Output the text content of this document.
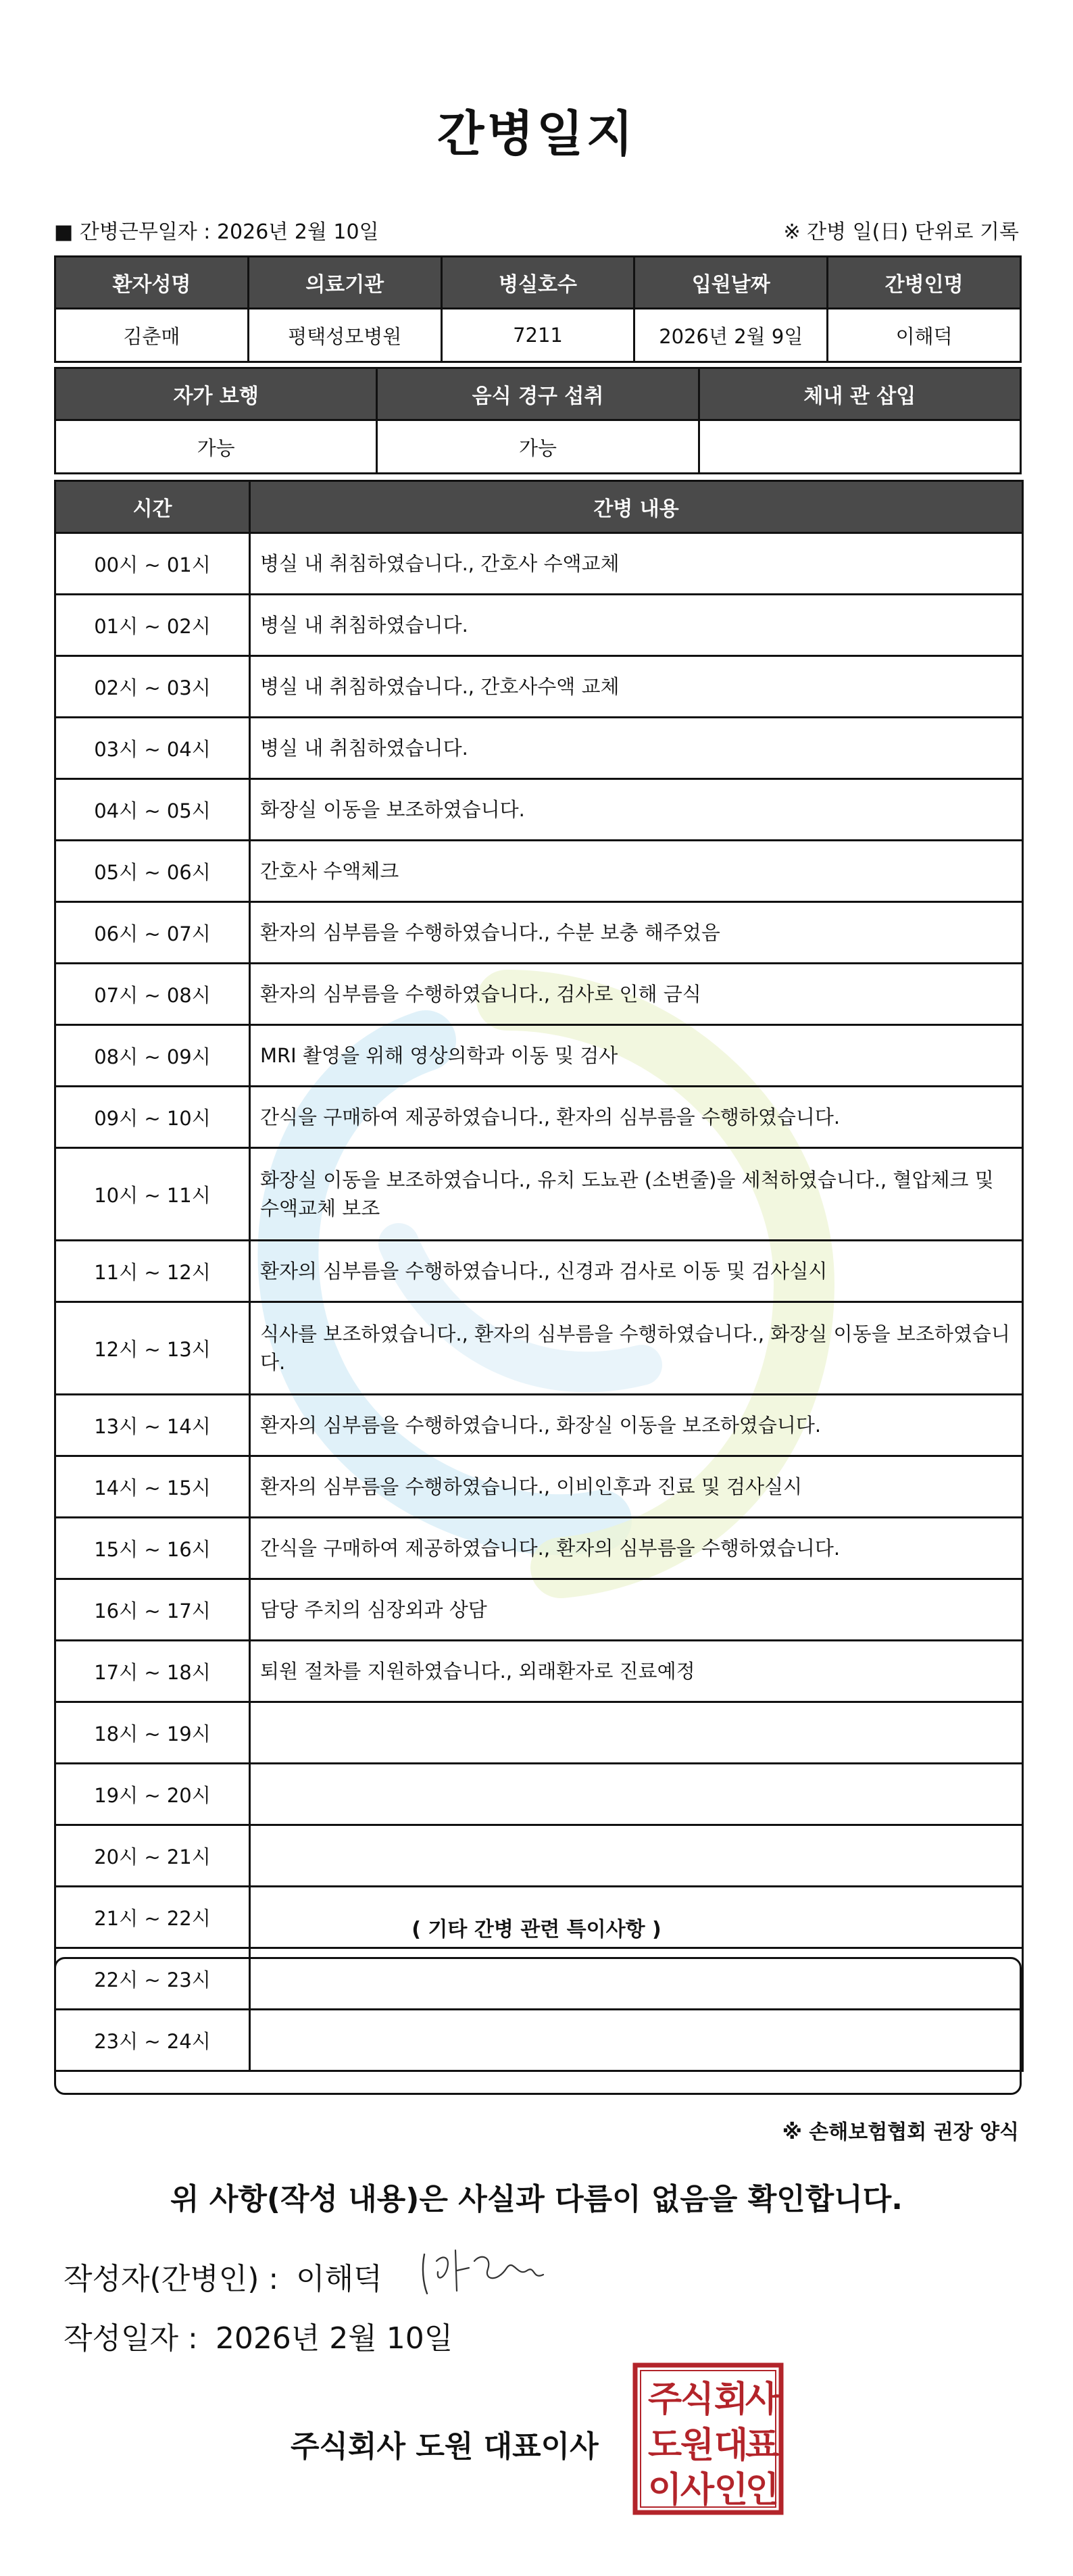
간병일지
■ 간병근무일자 : 2026년 2월 10일	※ 간병 일(日) 단위로 기록
환자성명	의료기관	병실호수	입원날짜	간병인명
김춘매	평택성모병원	7211	2026년 2월 9일	이해덕
자가 보행	음식 경구 섭취	체내 관 삽입
가능	가능	
시간	간병 내용
00시 ~ 01시	병실 내 취침하였습니다., 간호사 수액교체
01시 ~ 02시	병실 내 취침하였습니다.
02시 ~ 03시	병실 내 취침하였습니다., 간호사수액 교체
03시 ~ 04시	병실 내 취침하였습니다.
04시 ~ 05시	화장실 이동을 보조하였습니다.
05시 ~ 06시	간호사 수액체크
06시 ~ 07시	환자의 심부름을 수행하였습니다., 수분 보충 해주었음
07시 ~ 08시	환자의 심부름을 수행하였습니다., 검사로 인해 금식
08시 ~ 09시	MRI 촬영을 위해 영상의학과 이동 및 검사
09시 ~ 10시	간식을 구매하여 제공하였습니다., 환자의 심부름을 수행하였습니다.
10시 ~ 11시	화장실 이동을 보조하였습니다., 유치 도뇨관 (소변줄)을 세척하였습니다., 혈압체크 및 수액교체 보조
11시 ~ 12시	환자의 심부름을 수행하였습니다., 신경과 검사로 이동 및 검사실시
12시 ~ 13시	식사를 보조하였습니다., 환자의 심부름을 수행하였습니다., 화장실 이동을 보조하였습니다.
13시 ~ 14시	환자의 심부름을 수행하였습니다., 화장실 이동을 보조하였습니다.
14시 ~ 15시	환자의 심부름을 수행하였습니다., 이비인후과 진료 및 검사실시
15시 ~ 16시	간식을 구매하여 제공하였습니다., 환자의 심부름을 수행하였습니다.
16시 ~ 17시	담당 주치의 심장외과 상담
17시 ~ 18시	퇴원 절차를 지원하였습니다., 외래환자로 진료예정
18시 ~ 19시	
19시 ~ 20시	
20시 ~ 21시	
21시 ~ 22시	
22시 ~ 23시	
23시 ~ 24시	
( 기타 간병 관련 특이사항 )
※ 손해보험협회 권장 양식
위 사항(작성 내용)은 사실과 다름이 없음을 확인합니다.
작성자(간병인) : 이해덕
작성일자 : 2026년 2월 10일
주식회사 도원 대표이사
주
식 회
사
도
원 대
표
이
사 인
인
